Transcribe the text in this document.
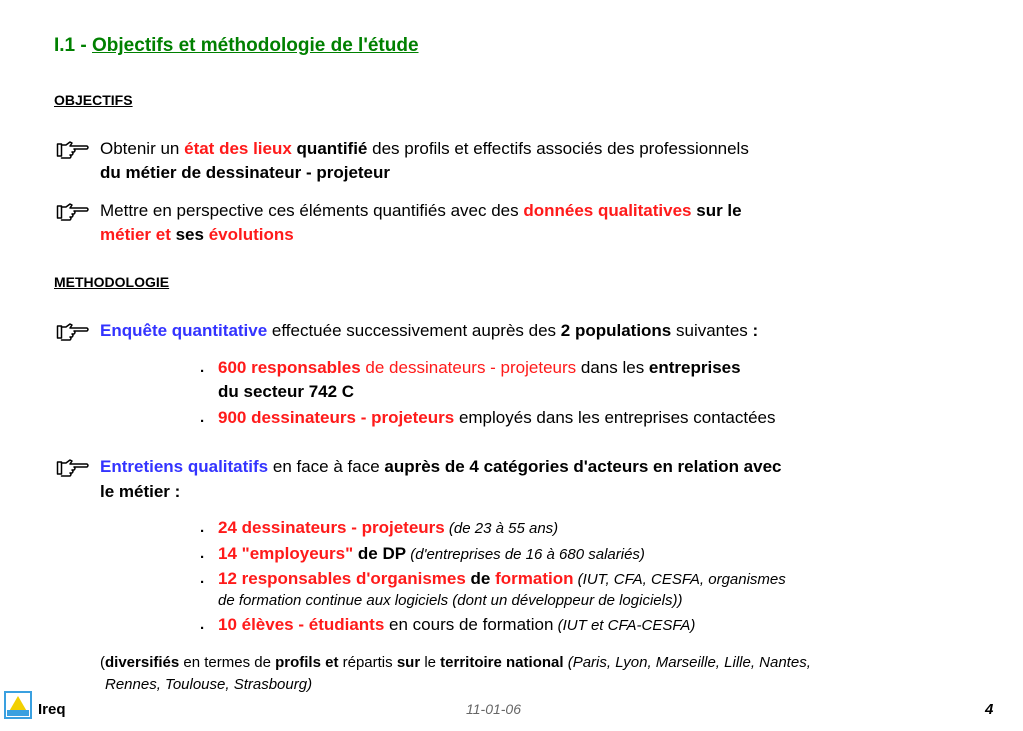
I.1 - Objectifs et méthodologie de l'étude
OBJECTIFS
Obtenir un état des lieux quantifié des profils et effectifs associés des professionnels
du métier de dessinateur - projeteur
Mettre en perspective ces éléments quantifiés avec des données qualitatives sur le
métier et ses évolutions
METHODOLOGIE
Enquête quantitative effectuée successivement auprès des 2 populations suivantes :
. 600 responsables de dessinateurs - projeteurs dans les entreprises
du secteur 742 C
. 900 dessinateurs - projeteurs employés dans les entreprises contactées
Entretiens qualitatifs en face à face auprès de 4 catégories d'acteurs en relation avec
le métier :
. 24 dessinateurs - projeteurs (de 23 à 55 ans)
. 14 "employeurs" de DP (d'entreprises de 16 à 680 salariés)
. 12 responsables d'organismes de formation (IUT, CFA, CESFA, organismes
de formation continue aux logiciels (dont un développeur de logiciels))
. 10 élèves - étudiants en cours de formation (IUT et CFA-CESFA)
(diversifiés en termes de profils et répartis sur le territoire national (Paris, Lyon, Marseille, Lille, Nantes,
Rennes, Toulouse, Strasbourg)
Ireq	11-01-06	4
